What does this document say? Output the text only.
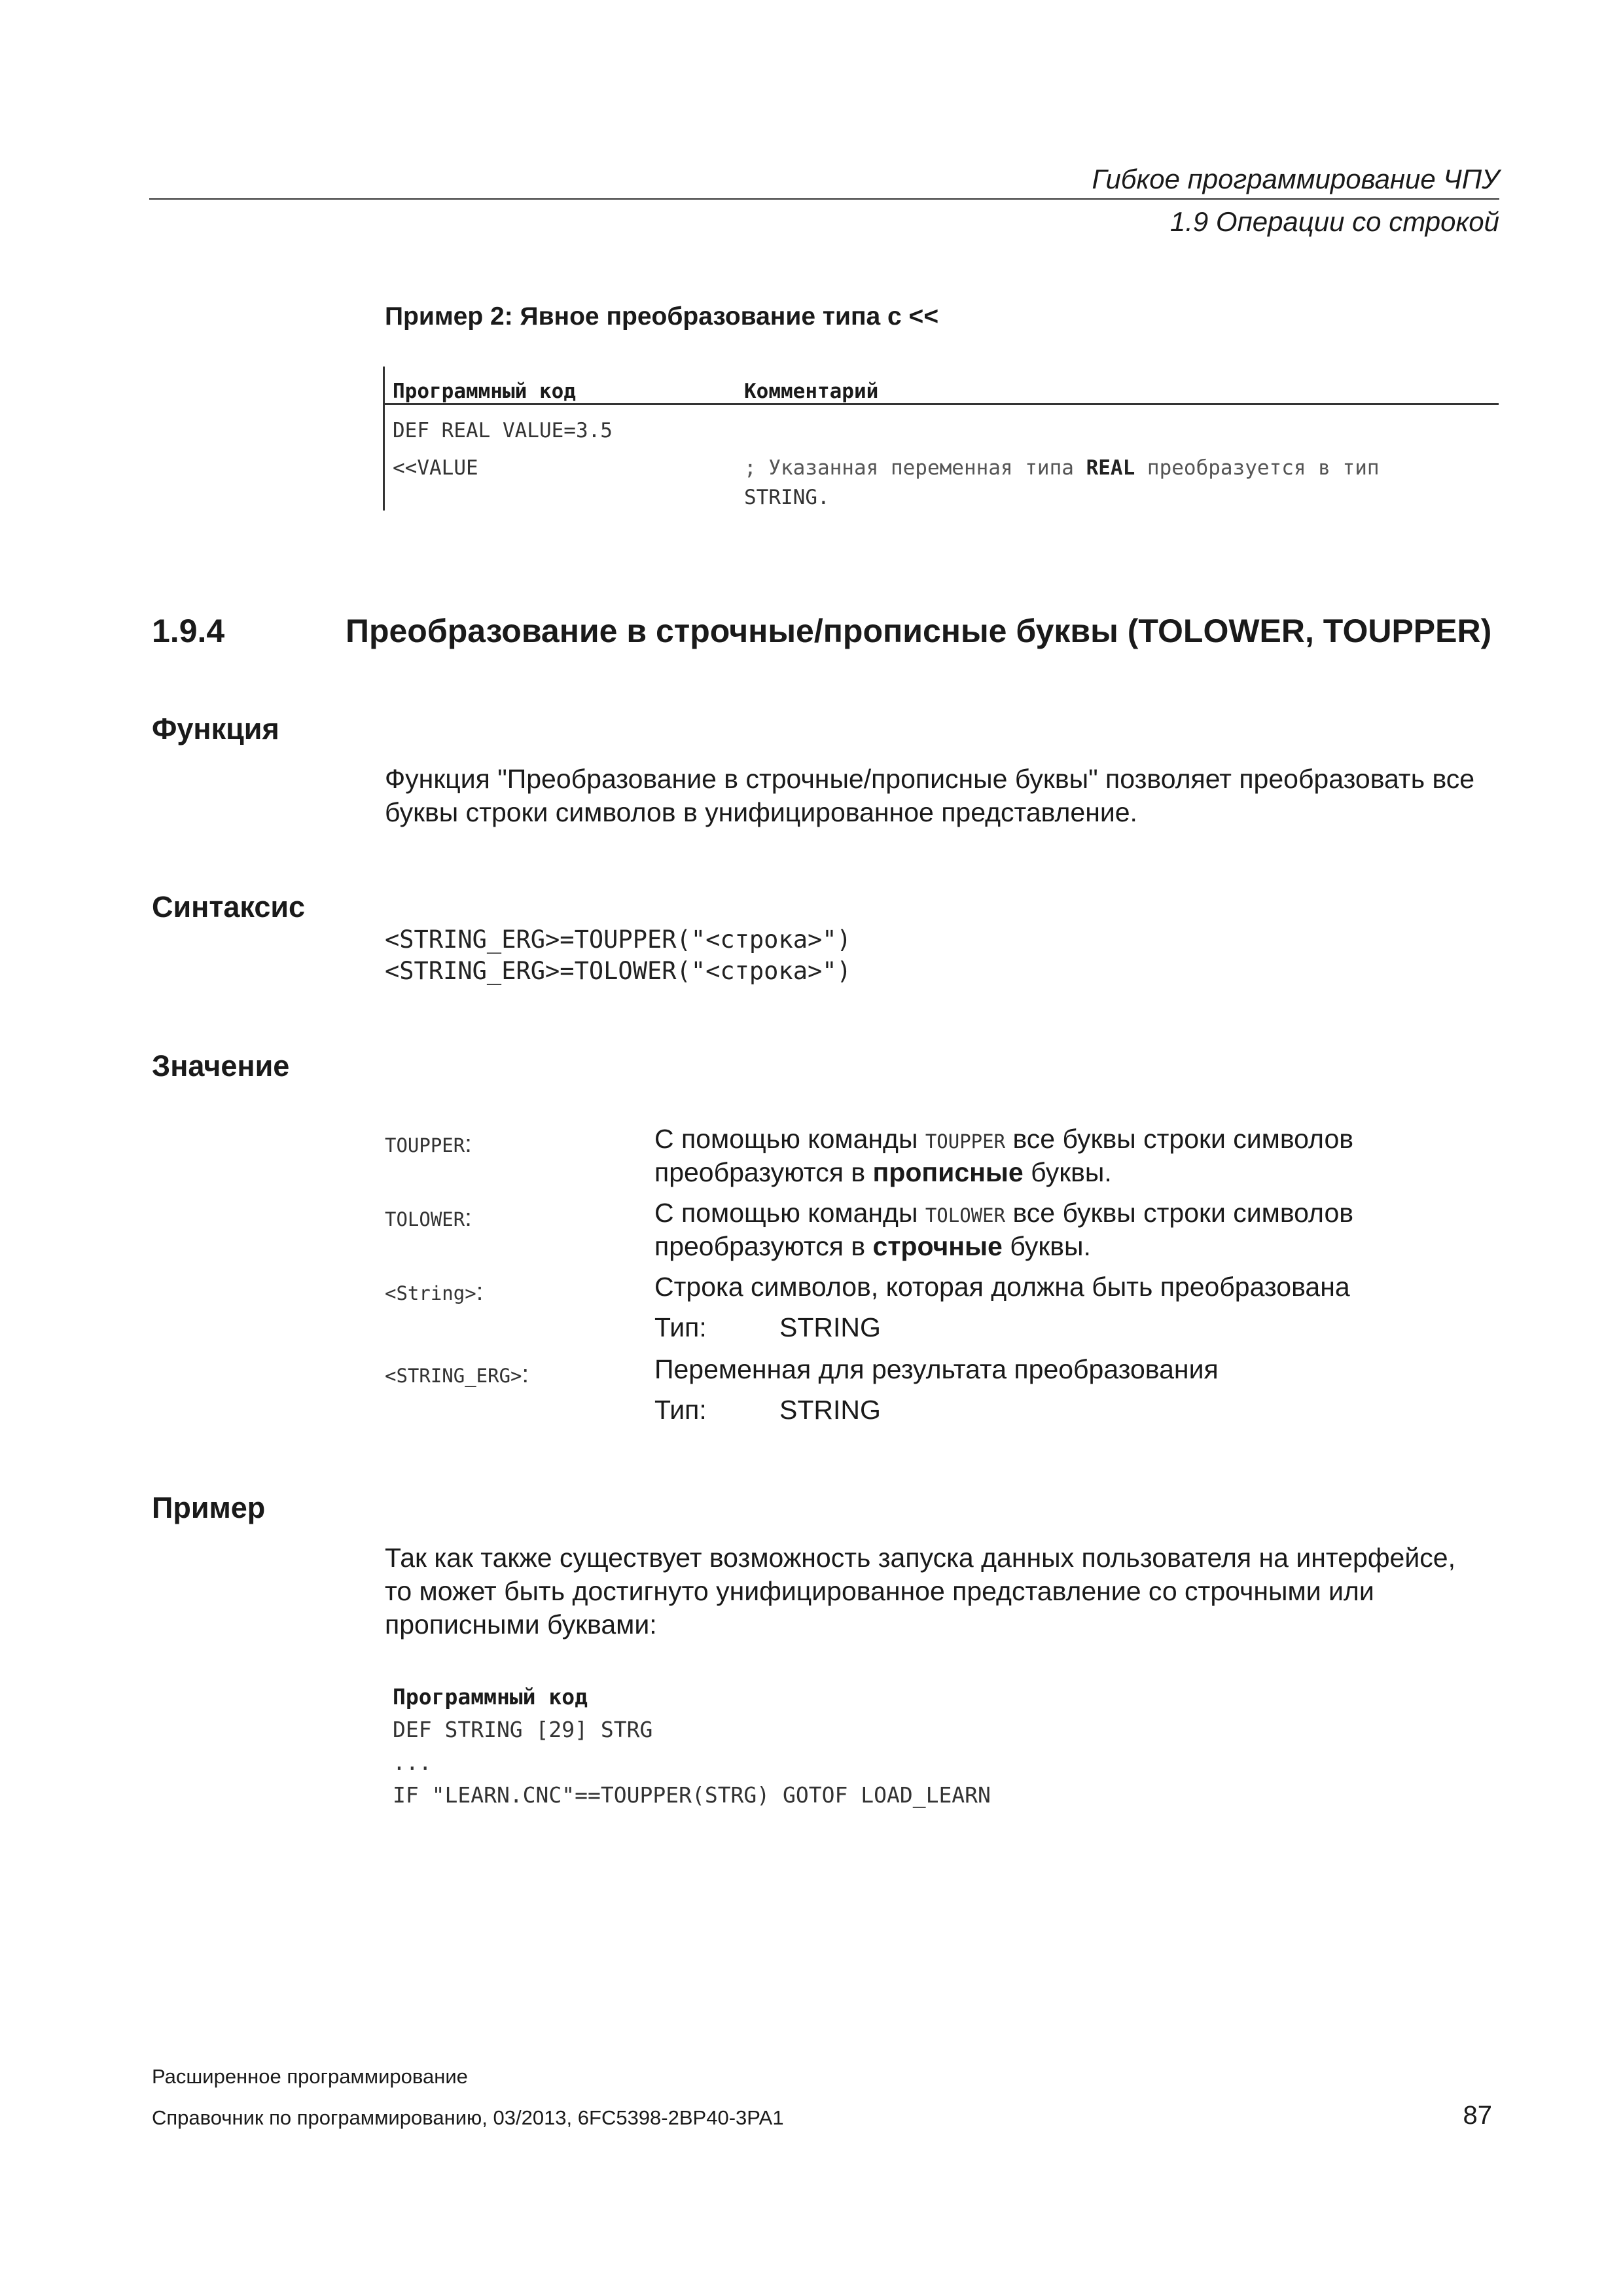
Гибкое программирование ЧПУ
1.9 Операции со строкой
Пример 2: Явное преобразование типа с <<
Программный код	Комментарий
DEF REAL VALUE=3.5
<<VALUE	; Указанная переменная типа REAL преобразуется в тип
STRING.
1.9.4	Преобразование в строчные/прописные буквы (TOLOWER, TOUPPER)
Функция
Функция "Преобразование в строчные/прописные буквы" позволяет преобразовать все
буквы строки символов в унифицированное представление.
Синтаксис
<STRING_ERG>=TOUPPER("<строка>")
<STRING_ERG>=TOLOWER("<строка>")
Значение
TOUPPER:	С помощью команды TOUPPER все буквы строки символов
преобразуются в прописные буквы.
TOLOWER:	С помощью команды TOLOWER все буквы строки символов
преобразуются в строчные буквы.
<String>:	Строка символов, которая должна быть преобразована
Тип:	STRING
<STRING_ERG>:	Переменная для результата преобразования
Тип:	STRING
Пример
Так как также существует возможность запуска данных пользователя на интерфейсе,
то может быть достигнуто унифицированное представление со строчными или
прописными буквами:
Программный код
DEF STRING [29] STRG
...
IF "LEARN.CNC"==TOUPPER(STRG) GOTOF LOAD_LEARN
Расширенное программирование
Справочник по программированию, 03/2013, 6FC5398-2BP40-3PA1	87
